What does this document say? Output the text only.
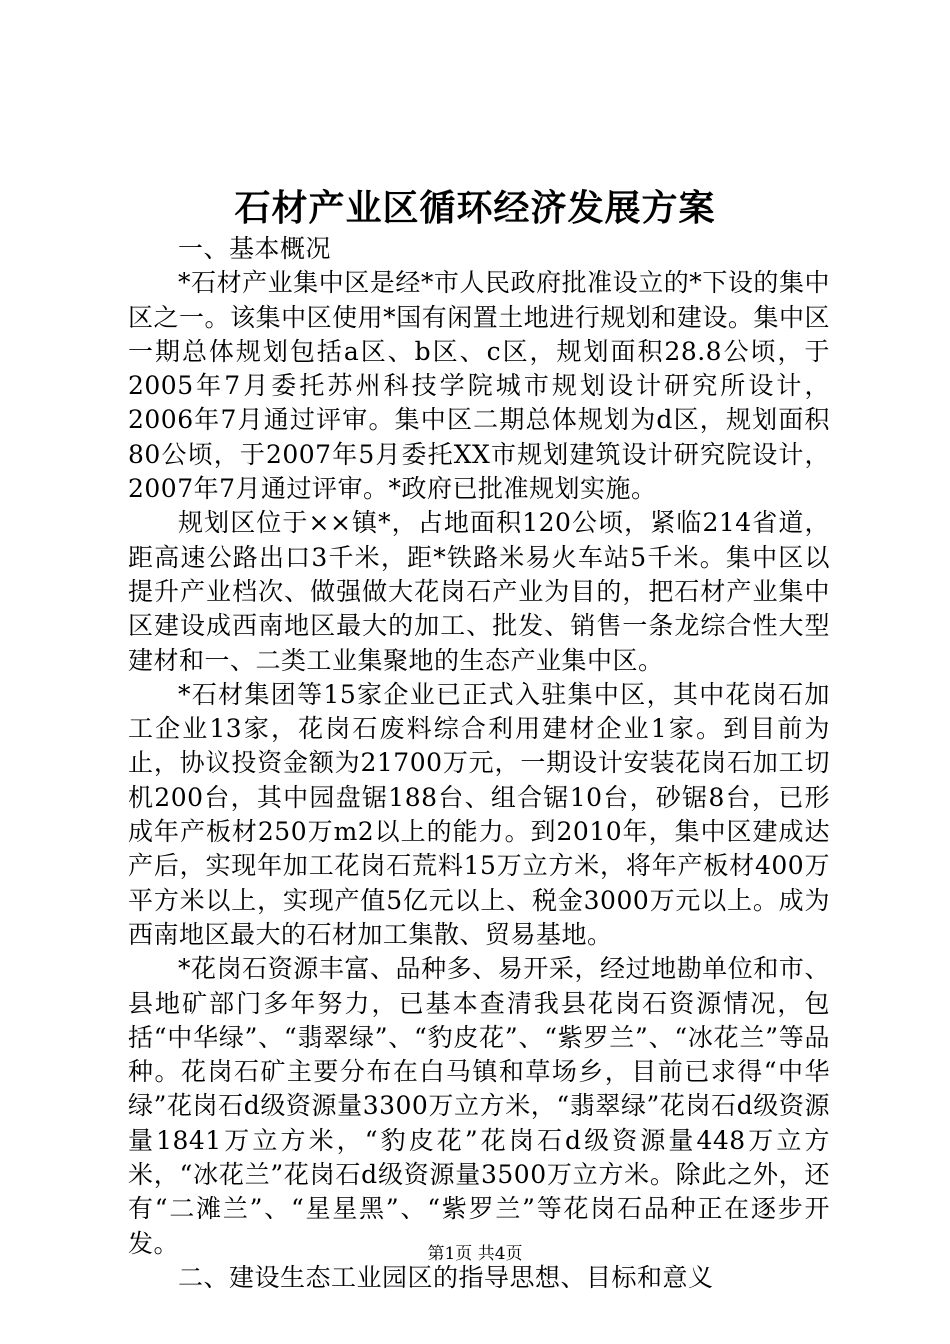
石材产业区循环经济发展方案

一、基本概况

*石材产业集中区是经*市人民政府批准设立的*下设的集中区之一。该集中区使用*国有闲置土地进行规划和建设。集中区一期总体规划包括a区、b区、c区，规划面积28.8公顷，于2005年7月委托苏州科技学院城市规划设计研究所设计，2006年7月通过评审。集中区二期总体规划为d区，规划面积80公顷，于2007年5月委托XX市规划建筑设计研究院设计，2007年7月通过评审。*政府已批准规划实施。

规划区位于××镇*，占地面积120公顷，紧临214省道，距高速公路出口3千米，距*铁路米易火车站5千米。集中区以提升产业档次、做强做大花岗石产业为目的，把石材产业集中区建设成西南地区最大的加工、批发、销售一条龙综合性大型建材和一、二类工业集聚地的生态产业集中区。

*石材集团等15家企业已正式入驻集中区，其中花岗石加工企业13家，花岗石废料综合利用建材企业1家。到目前为止，协议投资金额为21700万元，一期设计安装花岗石加工切机200台，其中园盘锯188台、组合锯10台，砂锯8台，已形成年产板材250万m2以上的能力。到2010年，集中区建成达产后，实现年加工花岗石荒料15万立方米，将年产板材400万平方米以上，实现产值5亿元以上、税金3000万元以上。成为西南地区最大的石材加工集散、贸易基地。

*花岗石资源丰富、品种多、易开采，经过地勘单位和市、县地矿部门多年努力，已基本查清我县花岗石资源情况，包括“中华绿”、“翡翠绿”、“豹皮花”、“紫罗兰”、“冰花兰”等品种。花岗石矿主要分布在白马镇和草场乡，目前已求得“中华绿”花岗石d级资源量3300万立方米，“翡翠绿”花岗石d级资源量1841万立方米，“豹皮花”花岗石d级资源量448万立方米，“冰花兰”花岗石d级资源量3500万立方米。除此之外，还有“二滩兰”、“星星黑”、“紫罗兰”等花岗石品种正在逐步开发。

二、建设生态工业园区的指导思想、目标和意义

第1页 共4页
